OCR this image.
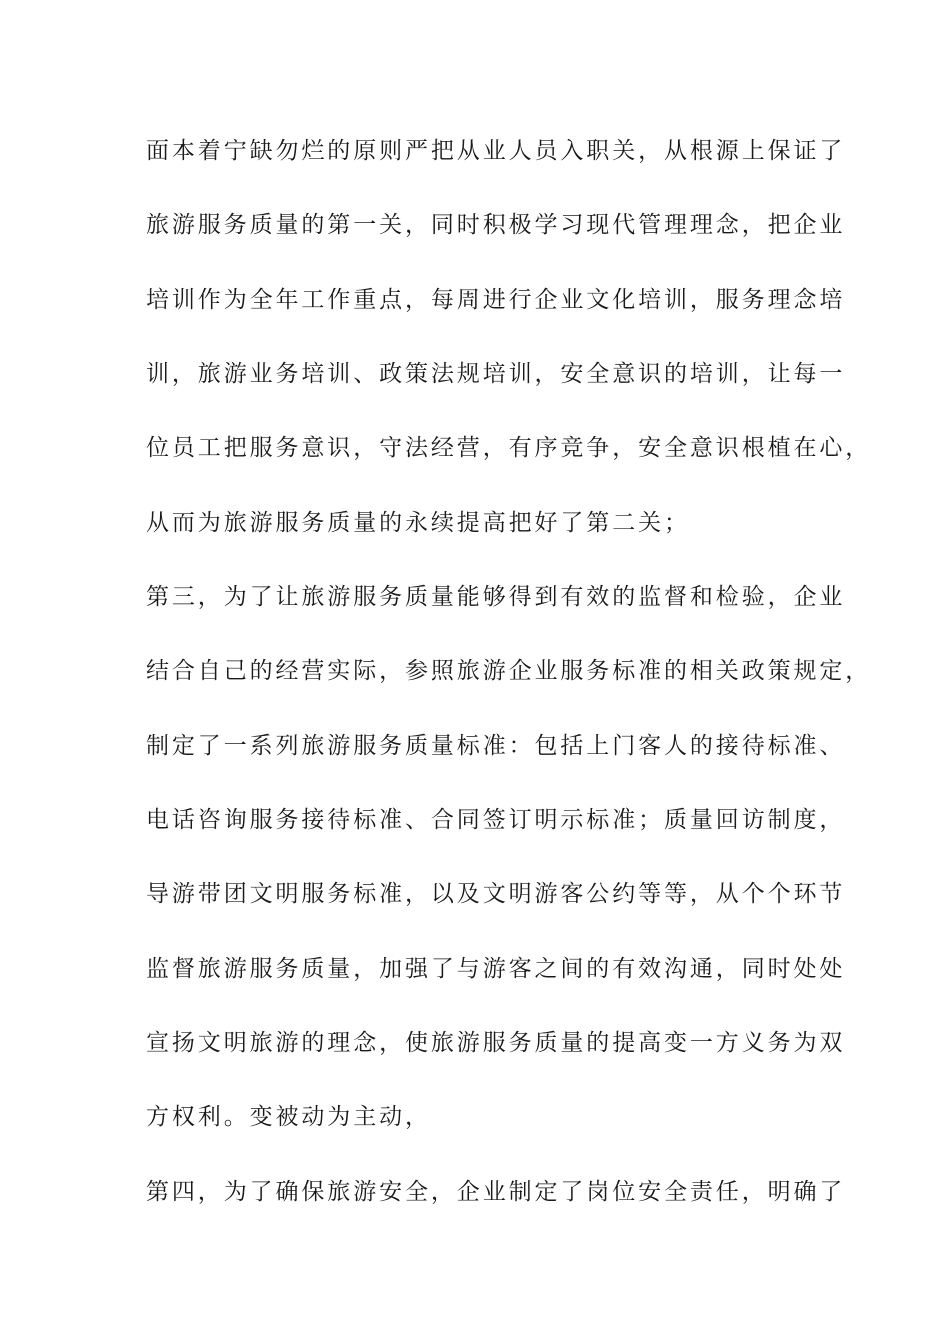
面本着宁缺勿烂的原则严把从业人员入职关，从根源上保证了
旅游服务质量的第一关，同时积极学习现代管理理念，把企业
培训作为全年工作重点，每周进行企业文化培训，服务理念培
训，旅游业务培训、政策法规培训，安全意识的培训，让每一
位员工把服务意识，守法经营，有序竞争，安全意识根植在心，
从而为旅游服务质量的永续提高把好了第二关；
第三，为了让旅游服务质量能够得到有效的监督和检验，企业
结合自己的经营实际，参照旅游企业服务标准的相关政策规定，
制定了一系列旅游服务质量标准：包括上门客人的接待标准、
电话咨询服务接待标准、合同签订明示标准；质量回访制度，
导游带团文明服务标准，以及文明游客公约等等，从个个环节
监督旅游服务质量，加强了与游客之间的有效沟通，同时处处
宣扬文明旅游的理念，使旅游服务质量的提高变一方义务为双
方权利。变被动为主动，
第四，为了确保旅游安全，企业制定了岗位安全责任，明确了
